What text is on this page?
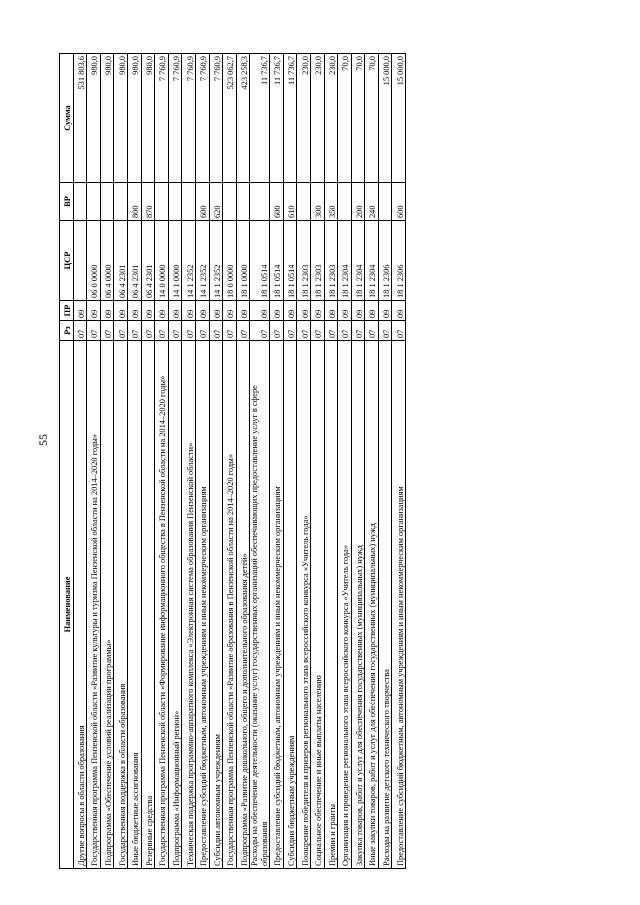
55
Наименование	Рз	ПР	ЦСР	ВР	Сумма
Другие вопросы в области образования	07	09			531 803,6
Государственная программа Пензенской области «Развитие культуры и туризма Пензенской области на 2014–2020 годы»	07	09	06 0 0000		980,0
Подпрограмма «Обеспечение условий реализации программы»	07	09	06 4 0000		980,0
Государственная поддержка в области образования	07	09	06 4 2301		980,0
Иные бюджетные ассигнования	07	09	06 4 2301	800	980,0
Резервные средства	07	09	06 4 2301	870	980,0
Государственная программа Пензенской области «Формирование информационного общества в Пензенской области на 2014–2020 годы»	07	09	14 0 0000		7 760,9
Подпрограмма «Информационный регион»	07	09	14 1 0000		7 760,9
Техническая поддержка программно-аппаратного комплекса «Электронная система образования Пензенской области»	07	09	14 1 2352		7 760,9
Предоставление субсидий бюджетным, автономным учреждениям и иным некоммерческим организациям	07	09	14 1 2352	600	7 760,9
Субсидии автономным учреждениям	07	09	14 1 2352	620	7 760,9
Государственная программа Пензенской области «Развитие образования в Пензенской области на 2014–2020 годы»	07	09	18 0 0000		523 062,7
Подпрограмма «Развитие дошкольного, общего и дополнительного образования детей»	07	09	18 1 0000		423 258,3
Расходы на обеспечение деятельности (оказание услуг) государственных организаций обеспечивающих предоставление услуг в сфере образования	07	09	18 1 0514		11 736,7
Предоставление субсидий бюджетным, автономным учреждениям и иным некоммерческим организациям	07	09	18 1 0514	600	11 736,7
Субсидии бюджетным учреждениям	07	09	18 1 0514	610	11 736,7
Поощрение победителя и призеров регионального этапа всероссийского конкурса «Учитель года»	07	09	18 1 2303		230,0
Социальное обеспечение и иные выплаты населению	07	09	18 1 2303	300	230,0
Премии и гранты	07	09	18 1 2303	350	230,0
Организация и проведение регионального этапа всероссийского конкурса «Учитель года»	07	09	18 1 2304		70,0
Закупка товаров, работ и услуг для обеспечения государственных (муниципальных) нужд	07	09	18 1 2304	200	70,0
Иные закупки товаров, работ и услуг для обеспечения государственных (муниципальных) нужд	07	09	18 1 2304	240	70,0
Расходы на развитие детского технического творчества	07	09	18 1 2306		15 000,0
Предоставление субсидий бюджетным, автономным учреждениям и иным некоммерческим организациям	07	09	18 1 2306	600	15 000,0
